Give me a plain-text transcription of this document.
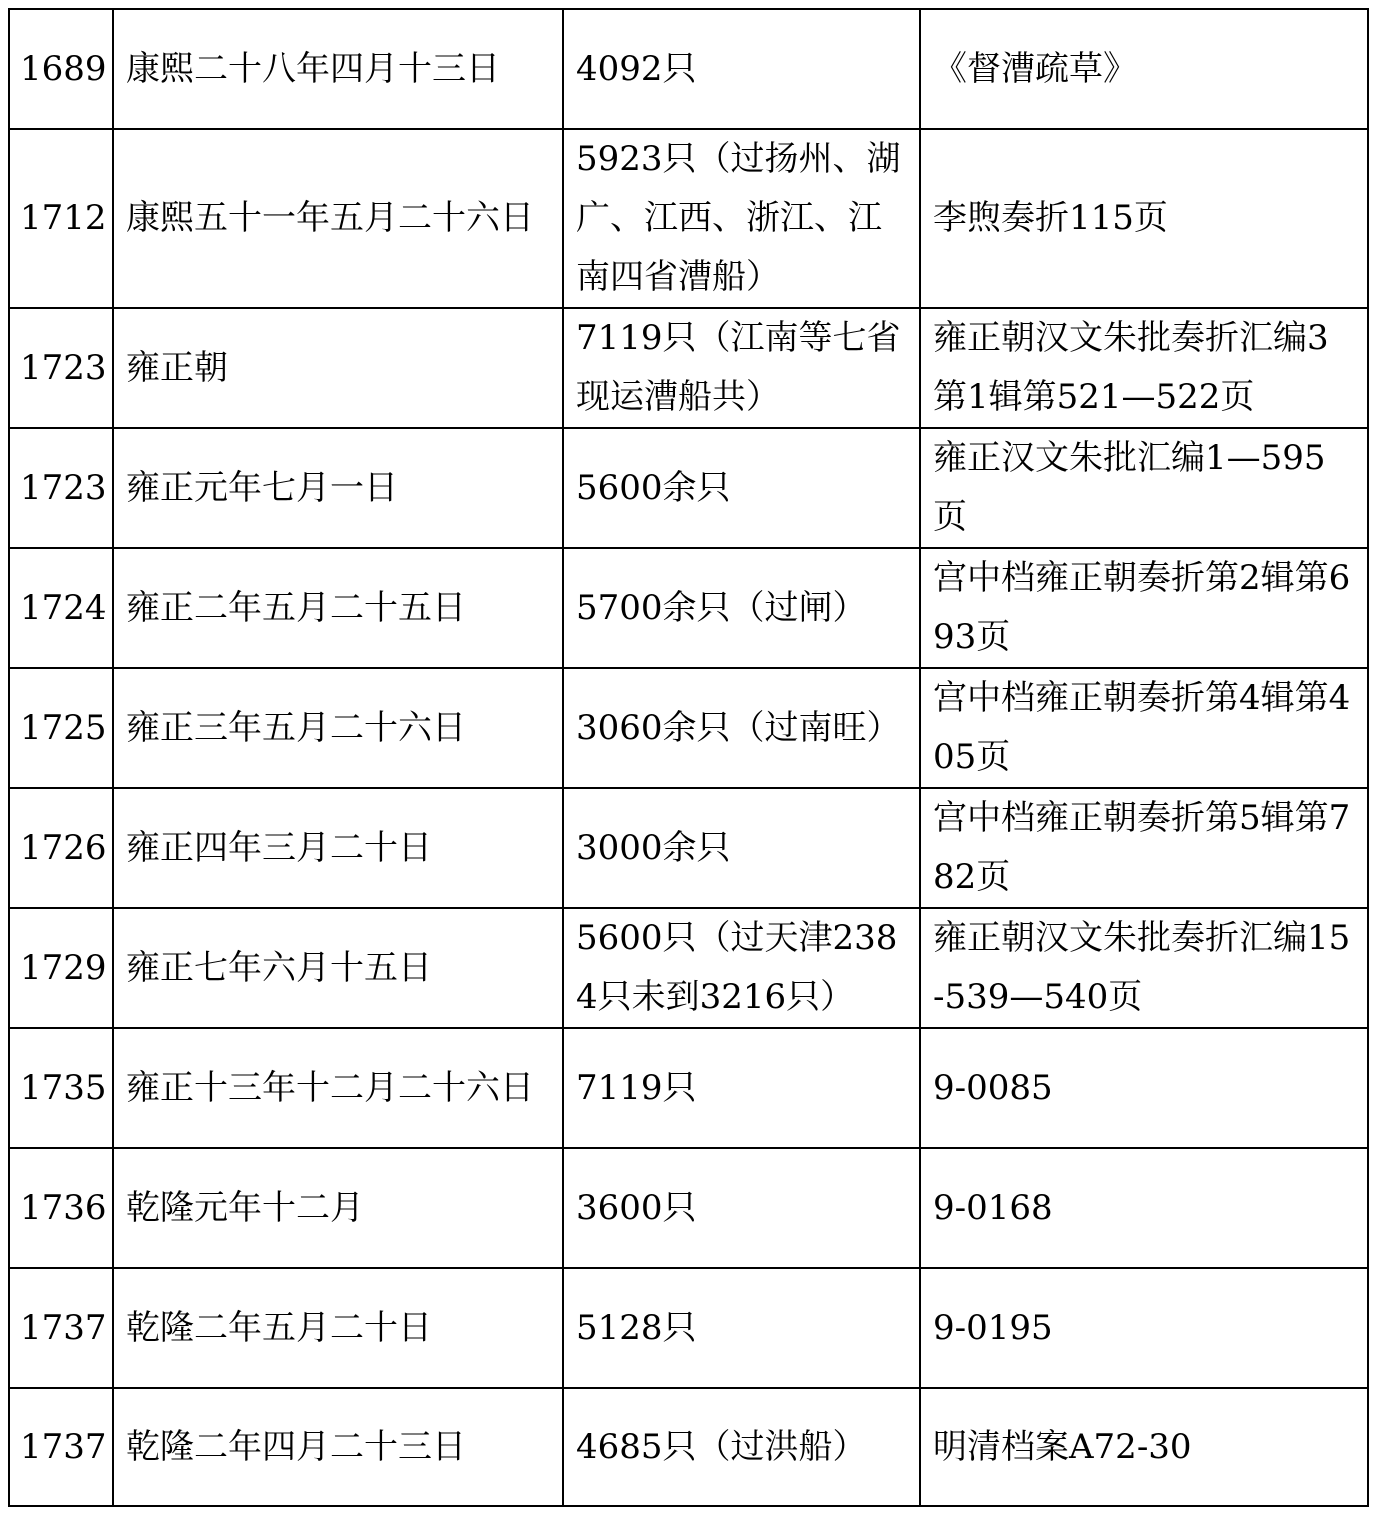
1689	康熙二十八年四月十三日	4092只	《督漕疏草》
1712	康熙五十一年五月二十六日	5923只（过扬州、湖广、江西、浙江、江南四省漕船）	李煦奏折115页
1723	雍正朝	7119只（江南等七省现运漕船共）	雍正朝汉文朱批奏折汇编3第1辑第521—522页
1723	雍正元年七月一日	5600余只	雍正汉文朱批汇编1—595页
1724	雍正二年五月二十五日	5700余只（过闸）	宫中档雍正朝奏折第2辑第693页
1725	雍正三年五月二十六日	3060余只（过南旺）	宫中档雍正朝奏折第4辑第405页
1726	雍正四年三月二十日	3000余只	宫中档雍正朝奏折第5辑第782页
1729	雍正七年六月十五日	5600只（过天津2384只未到3216只）	雍正朝汉文朱批奏折汇编15-539—540页
1735	雍正十三年十二月二十六日	7119只	9-0085
1736	乾隆元年十二月	3600只	9-0168
1737	乾隆二年五月二十日	5128只	9-0195
1737	乾隆二年四月二十三日	4685只（过洪船）	明清档案A72-30
